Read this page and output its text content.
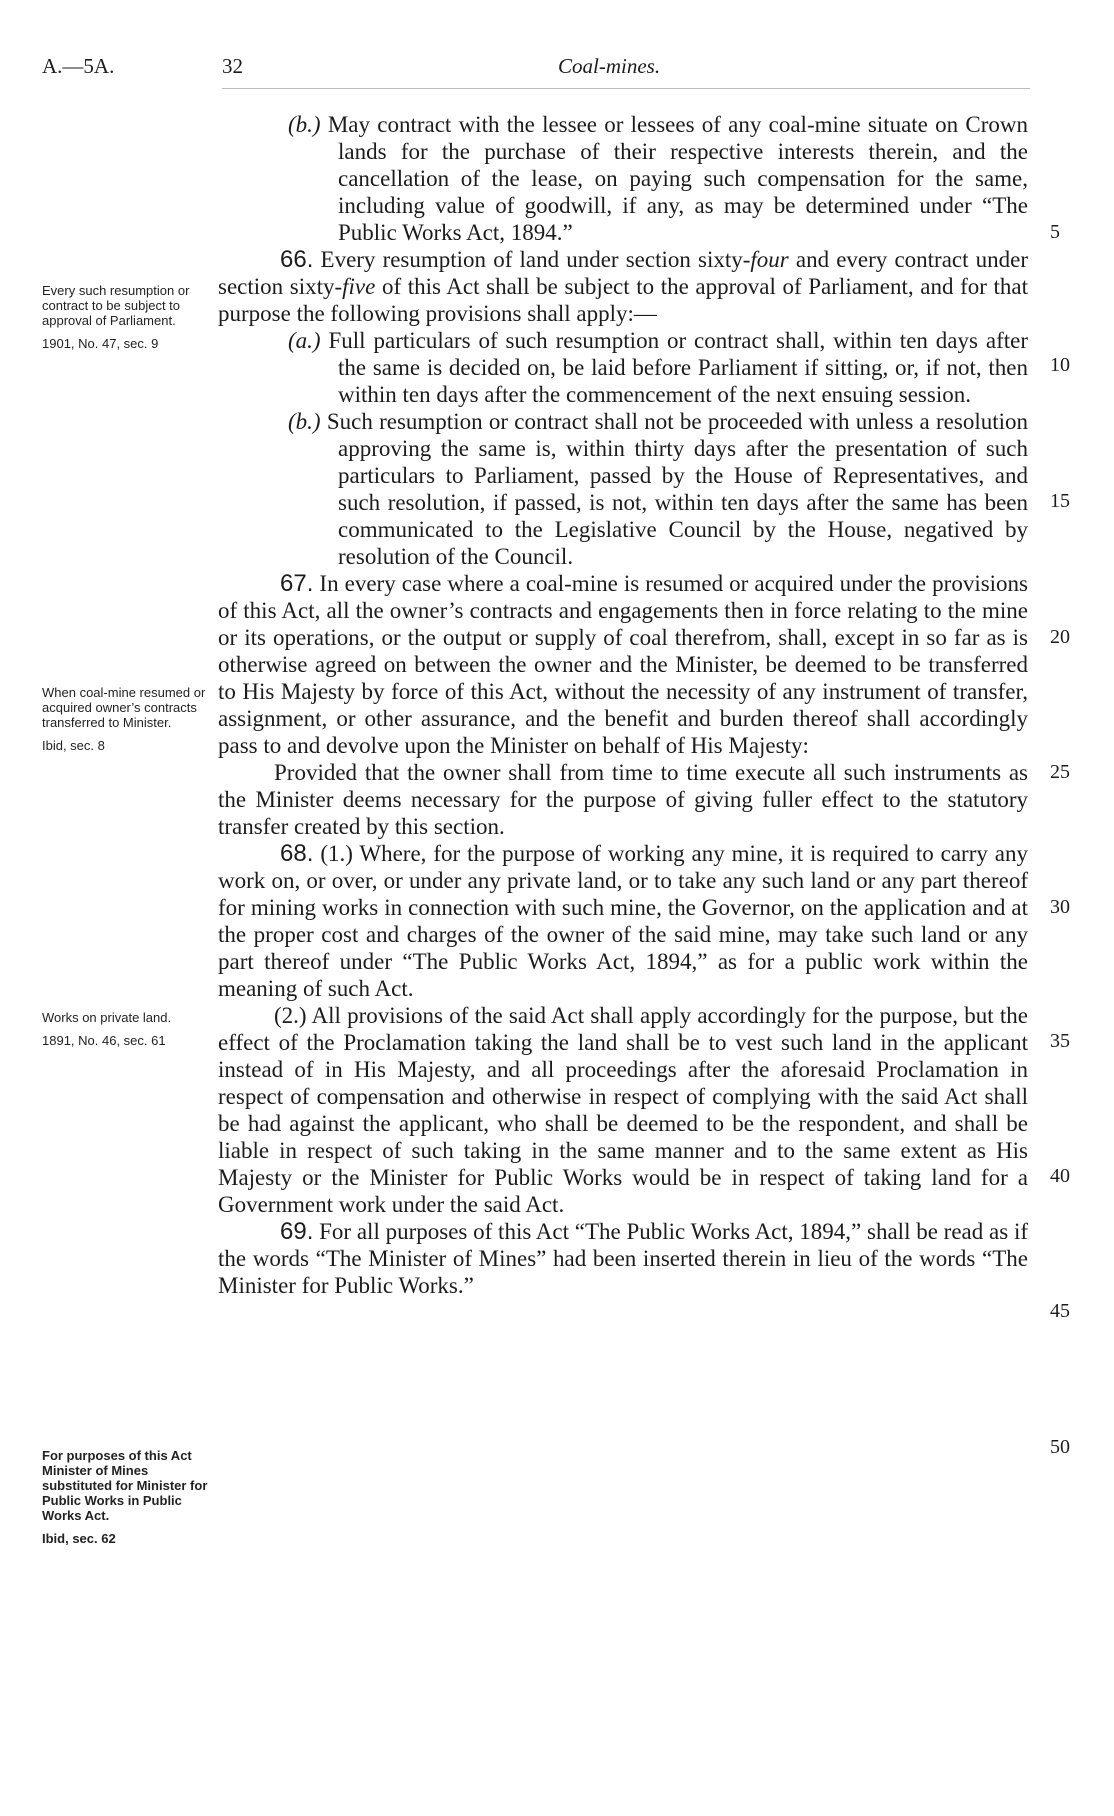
A.—5A.	32	Coal-mines.
Every such resumption or contract to be subject to approval of Parliament.
1901, No. 47, sec. 9
When coal-mine resumed or acquired owner’s contracts transferred to Minister.
Ibid, sec. 8
Works on private land.
1891, No. 46, sec. 61
For purposes of this Act Minister of Mines substituted for Minister for Public Works in Public Works Act.
Ibid, sec. 62
5
10
15
20
25
30
35
40
45
50

(b.) May contract with the lessee or lessees of any coal-mine situate on Crown lands for the purchase of their respective interests therein, and the cancellation of the lease, on paying such compensation for the same, including value of goodwill, if any, as may be determined under “The Public Works Act, 1894.”

66. Every resumption of land under section sixty-four and every contract under section sixty-five of this Act shall be subject to the approval of Parliament, and for that purpose the following provisions shall apply:—

(a.) Full particulars of such resumption or contract shall, within ten days after the same is decided on, be laid before Parliament if sitting, or, if not, then within ten days after the commencement of the next ensuing session.

(b.) Such resumption or contract shall not be proceeded with unless a resolution approving the same is, within thirty days after the presentation of such particulars to Parliament, passed by the House of Representatives, and such resolution, if passed, is not, within ten days after the same has been communicated to the Legislative Council by the House, negatived by resolution of the Council.

67. In every case where a coal-mine is resumed or acquired under the provisions of this Act, all the owner’s contracts and engagements then in force relating to the mine or its operations, or the output or supply of coal therefrom, shall, except in so far as is otherwise agreed on between the owner and the Minister, be deemed to be transferred to His Majesty by force of this Act, without the necessity of any instrument of transfer, assignment, or other assurance, and the benefit and burden thereof shall accordingly pass to and devolve upon the Minister on behalf of His Majesty:

Provided that the owner shall from time to time execute all such instruments as the Minister deems necessary for the purpose of giving fuller effect to the statutory transfer created by this section.

68. (1.) Where, for the purpose of working any mine, it is required to carry any work on, or over, or under any private land, or to take any such land or any part thereof for mining works in connection with such mine, the Governor, on the application and at the proper cost and charges of the owner of the said mine, may take such land or any part thereof under “The Public Works Act, 1894,” as for a public work within the meaning of such Act.

(2.) All provisions of the said Act shall apply accordingly for the purpose, but the effect of the Proclamation taking the land shall be to vest such land in the applicant instead of in His Majesty, and all proceedings after the aforesaid Proclamation in respect of compensation and otherwise in respect of complying with the said Act shall be had against the applicant, who shall be deemed to be the respondent, and shall be liable in respect of such taking in the same manner and to the same extent as His Majesty or the Minister for Public Works would be in respect of taking land for a Government work under the said Act.

69. For all purposes of this Act “The Public Works Act, 1894,” shall be read as if the words “The Minister of Mines” had been inserted therein in lieu of the words “The Minister for Public Works.”
